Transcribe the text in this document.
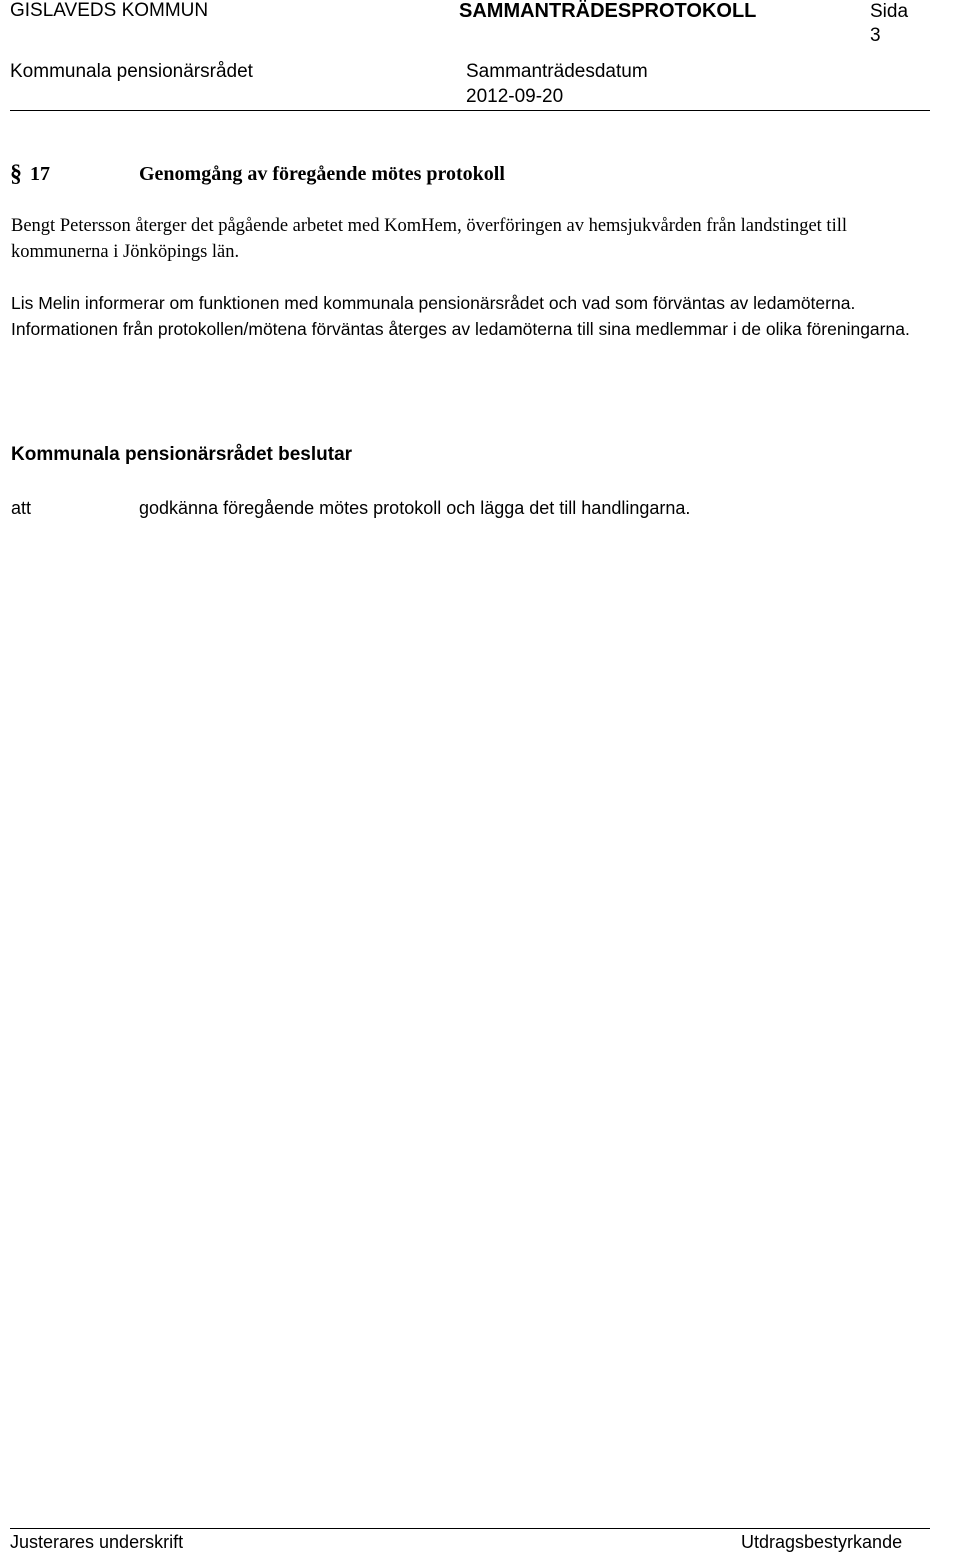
GISLAVEDS KOMMUN	SAMMANTRÄDESPROTOKOLL	Sida
3
Kommunala pensionärsrådet	Sammanträdesdatum
2012-09-20
§ 17	Genomgång av föregående mötes protokoll
Bengt Petersson återger det pågående arbetet med KomHem, överföringen av hemsjukvården från landstinget till kommunerna i Jönköpings län.
Lis Melin informerar om funktionen med kommunala pensionärsrådet och vad som förväntas av ledamöterna. Informationen från protokollen/mötena förväntas återges av ledamöterna till sina medlemmar i de olika föreningarna.
Kommunala pensionärsrådet beslutar
att	godkänna föregående mötes protokoll och lägga det till handlingarna.
Justerares underskrift	Utdragsbestyrkande
